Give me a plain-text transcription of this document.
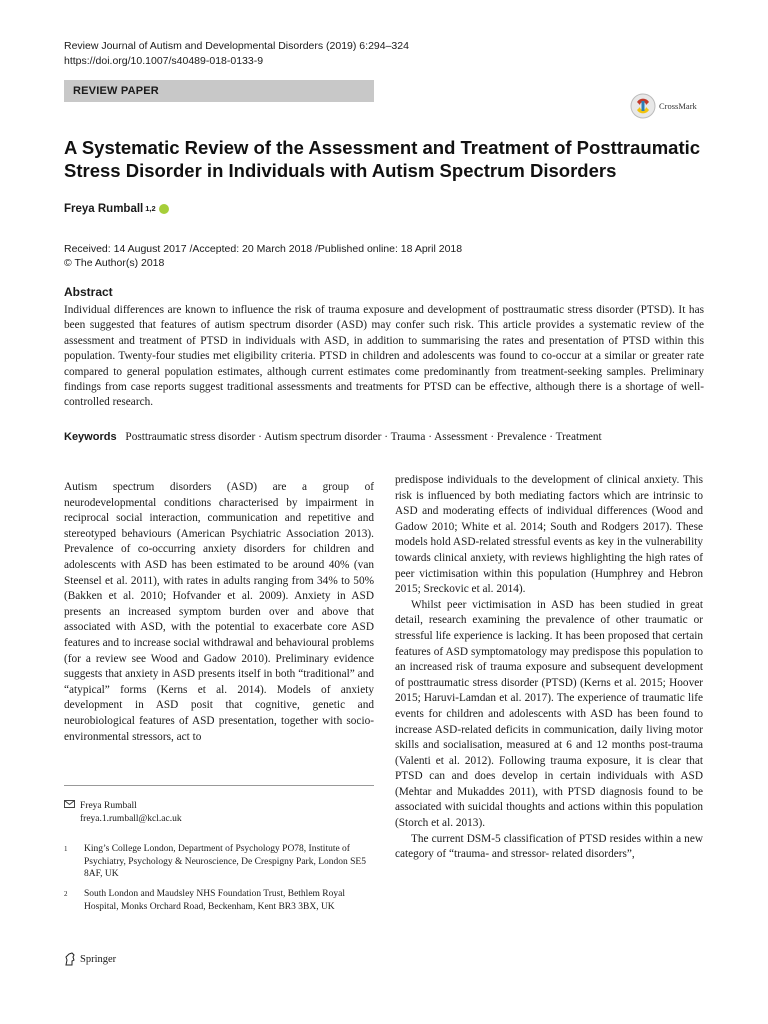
Review Journal of Autism and Developmental Disorders (2019) 6:294–324
https://doi.org/10.1007/s40489-018-0133-9
REVIEW PAPER
CrossMark
A Systematic Review of the Assessment and Treatment of Posttraumatic Stress Disorder in Individuals with Autism Spectrum Disorders
Freya Rumball $^{1,2}$
Received: 14 August 2017 /Accepted: 20 March 2018 /Published online: 18 April 2018
© The Author(s) 2018
Abstract

Individual differences are known to influence the risk of trauma exposure and development of posttraumatic stress disorder (PTSD). It has been suggested that features of autism spectrum disorder (ASD) may confer such risk. This article provides a systematic review of the assessment and treatment of PTSD in individuals with ASD, in addition to summarising the rates and presentation of PTSD within this population. Twenty-four studies met eligibility criteria. PTSD in children and adolescents was found to co-occur at a similar or greater rate compared to general population estimates, although current estimates come predominantly from treatment-seeking samples. Preliminary findings from case reports suggest traditional assessments and treatments for PTSD can be effective, although there is a shortage of well-controlled research.

Keywords Posttraumatic stress disorder · Autism spectrum disorder · Trauma · Assessment · Prevalence · Treatment

Autism spectrum disorders (ASD) are a group of neurodevelopmental conditions characterised by impairment in reciprocal social interaction, communication and repetitive and stereotyped behaviours (American Psychiatric Association 2013). Prevalence of co-occurring anxiety disorders for children and adolescents with ASD has been estimated to be around 40% (van Steensel et al. 2011), with rates in adults ranging from 34% to 50% (Bakken et al. 2010; Hofvander et al. 2009). Anxiety in ASD presents an increased symptom burden over and above that associated with ASD, with the potential to exacerbate core ASD features and to increase social withdrawal and behavioural problems (for a review see Wood and Gadow 2010). Preliminary evidence suggests that anxiety in ASD presents itself in both “traditional” and “atypical” forms (Kerns et al. 2014). Models of anxiety development in ASD posit that cognitive, genetic and neurobiological features of ASD presentation, together with socio-environmental stressors, act to

predispose individuals to the development of clinical anxiety. This risk is influenced by both mediating factors which are intrinsic to ASD and moderating effects of individual differences (Wood and Gadow 2010; White et al. 2014; South and Rodgers 2017). These models hold ASD-related stressful events as key in the vulnerability towards clinical anxiety, with reviews highlighting the high rates of peer victimisation within this population (Humphrey and Hebron 2015; Sreckovic et al. 2014).

Whilst peer victimisation in ASD has been studied in great detail, research examining the prevalence of other traumatic or stressful life experience is lacking. It has been proposed that certain features of ASD symptomatology may predispose this population to an increased risk of trauma exposure and subsequent development of posttraumatic stress disorder (PTSD) (Kerns et al. 2015; Hoover 2015; Haruvi-Lamdan et al. 2017). The experience of traumatic life events for children and adolescents with ASD has been found to increase ASD-related deficits in communication, daily living motor skills and socialisation, measured at 6 and 12 months post-trauma (Valenti et al. 2012). Following trauma exposure, it is clear that PTSD can and does develop in certain individuals with ASD (Mehtar and Mukaddes 2011), with PTSD diagnosis found to be associated with suicidal thoughts and actions within this population (Storch et al. 2013).

The current DSM-5 classification of PTSD resides within a new category of “trauma- and stressor- related disorders”,

Freya Rumball
freya.1.rumball@kcl.ac.uk
1	King’s College London, Department of Psychology PO78, Institute of Psychiatry, Psychology & Neuroscience, De Crespigny Park, London SE5 8AF, UK
2	South London and Maudsley NHS Foundation Trust, Bethlem Royal Hospital, Monks Orchard Road, Beckenham, Kent BR3 3BX, UK
Springer
